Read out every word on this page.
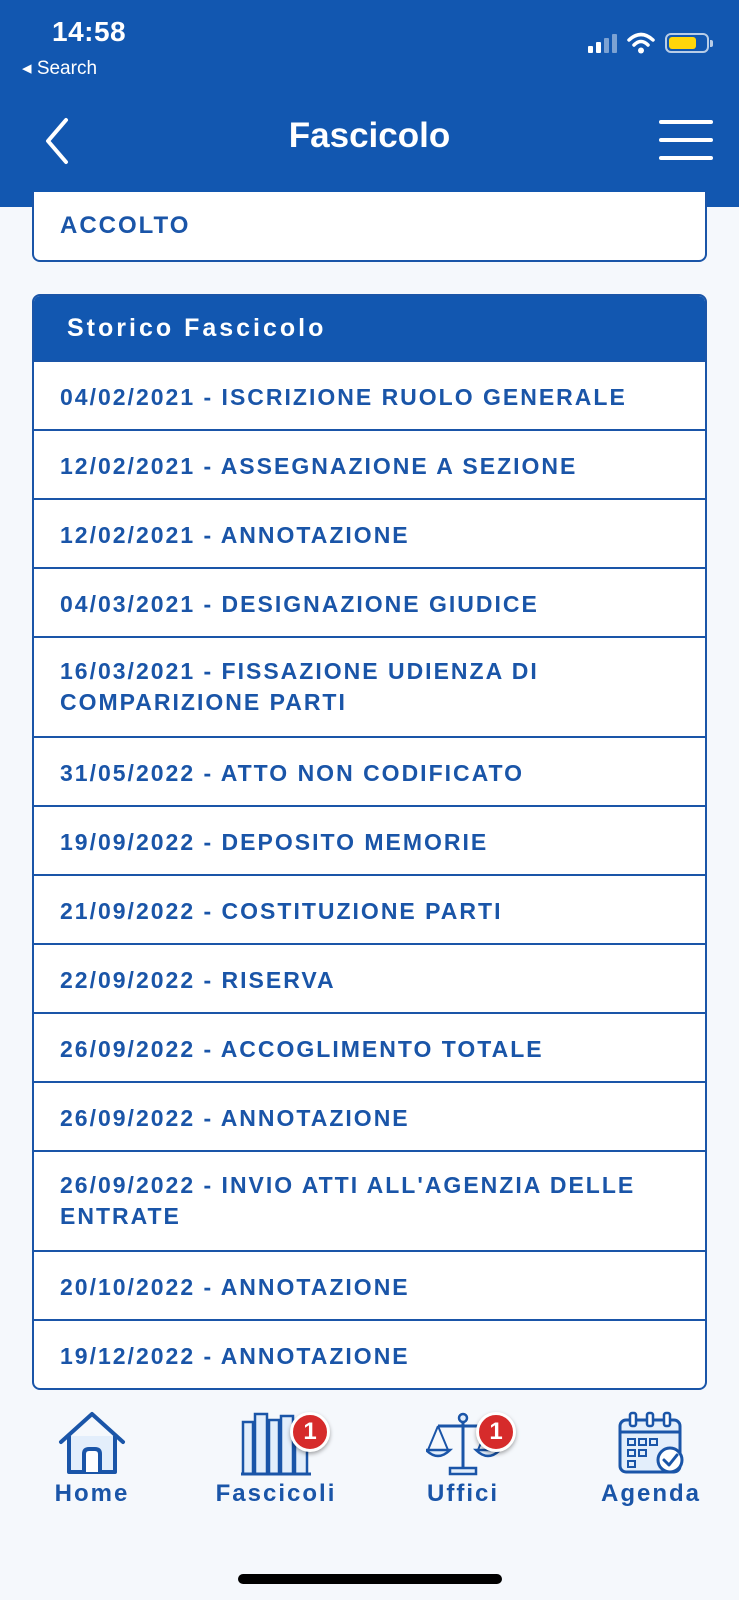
14:58
◂ Search
Fascicolo
ACCOLTO
Storico Fascicolo
04/02/2021 - ISCRIZIONE RUOLO GENERALE
12/02/2021 - ASSEGNAZIONE A SEZIONE
12/02/2021 - ANNOTAZIONE
04/03/2021 - DESIGNAZIONE GIUDICE
16/03/2021 - FISSAZIONE UDIENZA DI COMPARIZIONE PARTI
31/05/2022 - ATTO NON CODIFICATO
19/09/2022 - DEPOSITO MEMORIE
21/09/2022 - COSTITUZIONE PARTI
22/09/2022 - RISERVA
26/09/2022 - ACCOGLIMENTO TOTALE
26/09/2022 - ANNOTAZIONE
26/09/2022 - INVIO ATTI ALL'AGENZIA DELLE ENTRATE
20/10/2022 - ANNOTAZIONE
19/12/2022 - ANNOTAZIONE
Home
1
Fascicoli
1
Uffici	Agenda
